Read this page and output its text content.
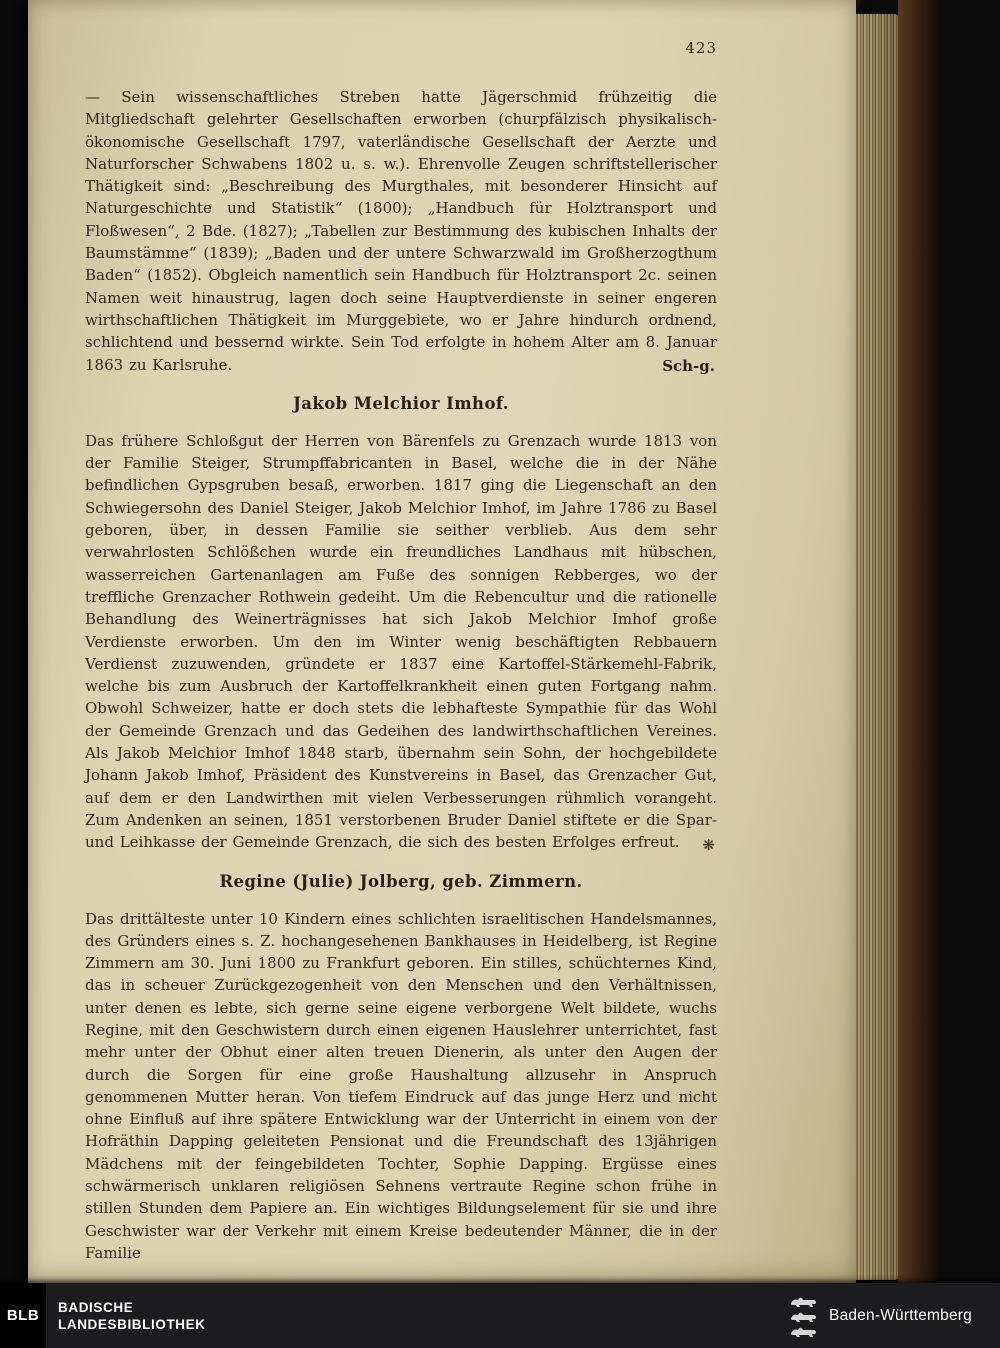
423

— Sein wissenschaftliches Streben hatte Jägerschmid frühzeitig die Mitgliedschaft gelehrter Gesellschaften erworben (churpfälzisch physikalisch-ökonomische Gesellschaft 1797, vaterländische Gesellschaft der Aerzte und Naturforscher Schwabens 1802 u. s. w.). Ehrenvolle Zeugen schriftstellerischer Thätigkeit sind: „Beschreibung des Murgthales, mit besonderer Hinsicht auf Naturgeschichte und Statistik“ (1800); „Handbuch für Holztransport und Floßwesen“, 2 Bde. (1827); „Tabellen zur Bestimmung des kubischen Inhalts der Baumstämme“ (1839); „Baden und der untere Schwarzwald im Großherzogthum Baden“ (1852). Obgleich namentlich sein Handbuch für Holztransport 2c. seinen Namen weit hinaustrug, lagen doch seine Hauptverdienste in seiner engeren wirthschaftlichen Thätigkeit im Murggebiete, wo er Jahre hindurch ordnend, schlichtend und bessernd wirkte. Sein Tod erfolgte in hohem Alter am 8. Januar 1863 zu Karlsruhe.	Sch-g.
Jakob Melchior Imhof.

Das frühere Schloßgut der Herren von Bärenfels zu Grenzach wurde 1813 von der Familie Steiger, Strumpffabricanten in Basel, welche die in der Nähe befindlichen Gypsgruben besaß, erworben. 1817 ging die Liegenschaft an den Schwiegersohn des Daniel Steiger, Jakob Melchior Imhof, im Jahre 1786 zu Basel geboren, über, in dessen Familie sie seither verblieb. Aus dem sehr verwahrlosten Schlößchen wurde ein freundliches Landhaus mit hübschen, wasserreichen Gartenanlagen am Fuße des sonnigen Rebberges, wo der treffliche Grenzacher Rothwein gedeiht. Um die Rebencultur und die rationelle Behandlung des Weinerträgnisses hat sich Jakob Melchior Imhof große Verdienste erworben. Um den im Winter wenig beschäftigten Rebbauern Verdienst zuzuwenden, gründete er 1837 eine Kartoffel-Stärkemehl-Fabrik, welche bis zum Ausbruch der Kartoffelkrankheit einen guten Fortgang nahm. Obwohl Schweizer, hatte er doch stets die lebhafteste Sympathie für das Wohl der Gemeinde Grenzach und das Gedeihen des landwirthschaftlichen Vereines. Als Jakob Melchior Imhof 1848 starb, übernahm sein Sohn, der hochgebildete Johann Jakob Imhof, Präsident des Kunstvereins in Basel, das Grenzacher Gut, auf dem er den Landwirthen mit vielen Verbesserungen rühmlich vorangeht. Zum Andenken an seinen, 1851 verstorbenen Bruder Daniel stiftete er die Spar- und Leihkasse der Gemeinde Grenzach, die sich des besten Erfolges erfreut.	❋
Regine (Julie) Jolberg, geb. Zimmern.

Das drittälteste unter 10 Kindern eines schlichten israelitischen Handelsmannes, des Gründers eines s. Z. hochangesehenen Bankhauses in Heidelberg, ist Regine Zimmern am 30. Juni 1800 zu Frankfurt geboren. Ein stilles, schüchternes Kind, das in scheuer Zurückgezogenheit von den Menschen und den Verhältnissen, unter denen es lebte, sich gerne seine eigene verborgene Welt bildete, wuchs Regine, mit den Geschwistern durch einen eigenen Hauslehrer unterrichtet, fast mehr unter der Obhut einer alten treuen Dienerin, als unter den Augen der durch die Sorgen für eine große Haushaltung allzusehr in Anspruch genommenen Mutter heran. Von tiefem Eindruck auf das junge Herz und nicht ohne Einfluß auf ihre spätere Entwicklung war der Unterricht in einem von der Hofräthin Dapping geleiteten Pensionat und die Freundschaft des 13jährigen Mädchens mit der feingebildeten Tochter, Sophie Dapping. Ergüsse eines schwärmerisch unklaren religiösen Sehnens vertraute Regine schon frühe in stillen Stunden dem Papiere an. Ein wichtiges Bildungselement für sie und ihre Geschwister war der Verkehr mit einem Kreise bedeutender Männer, die in der Familie

BLB	BADISCHE
LANDESBIBLIOTHEK
Baden-Württemberg
